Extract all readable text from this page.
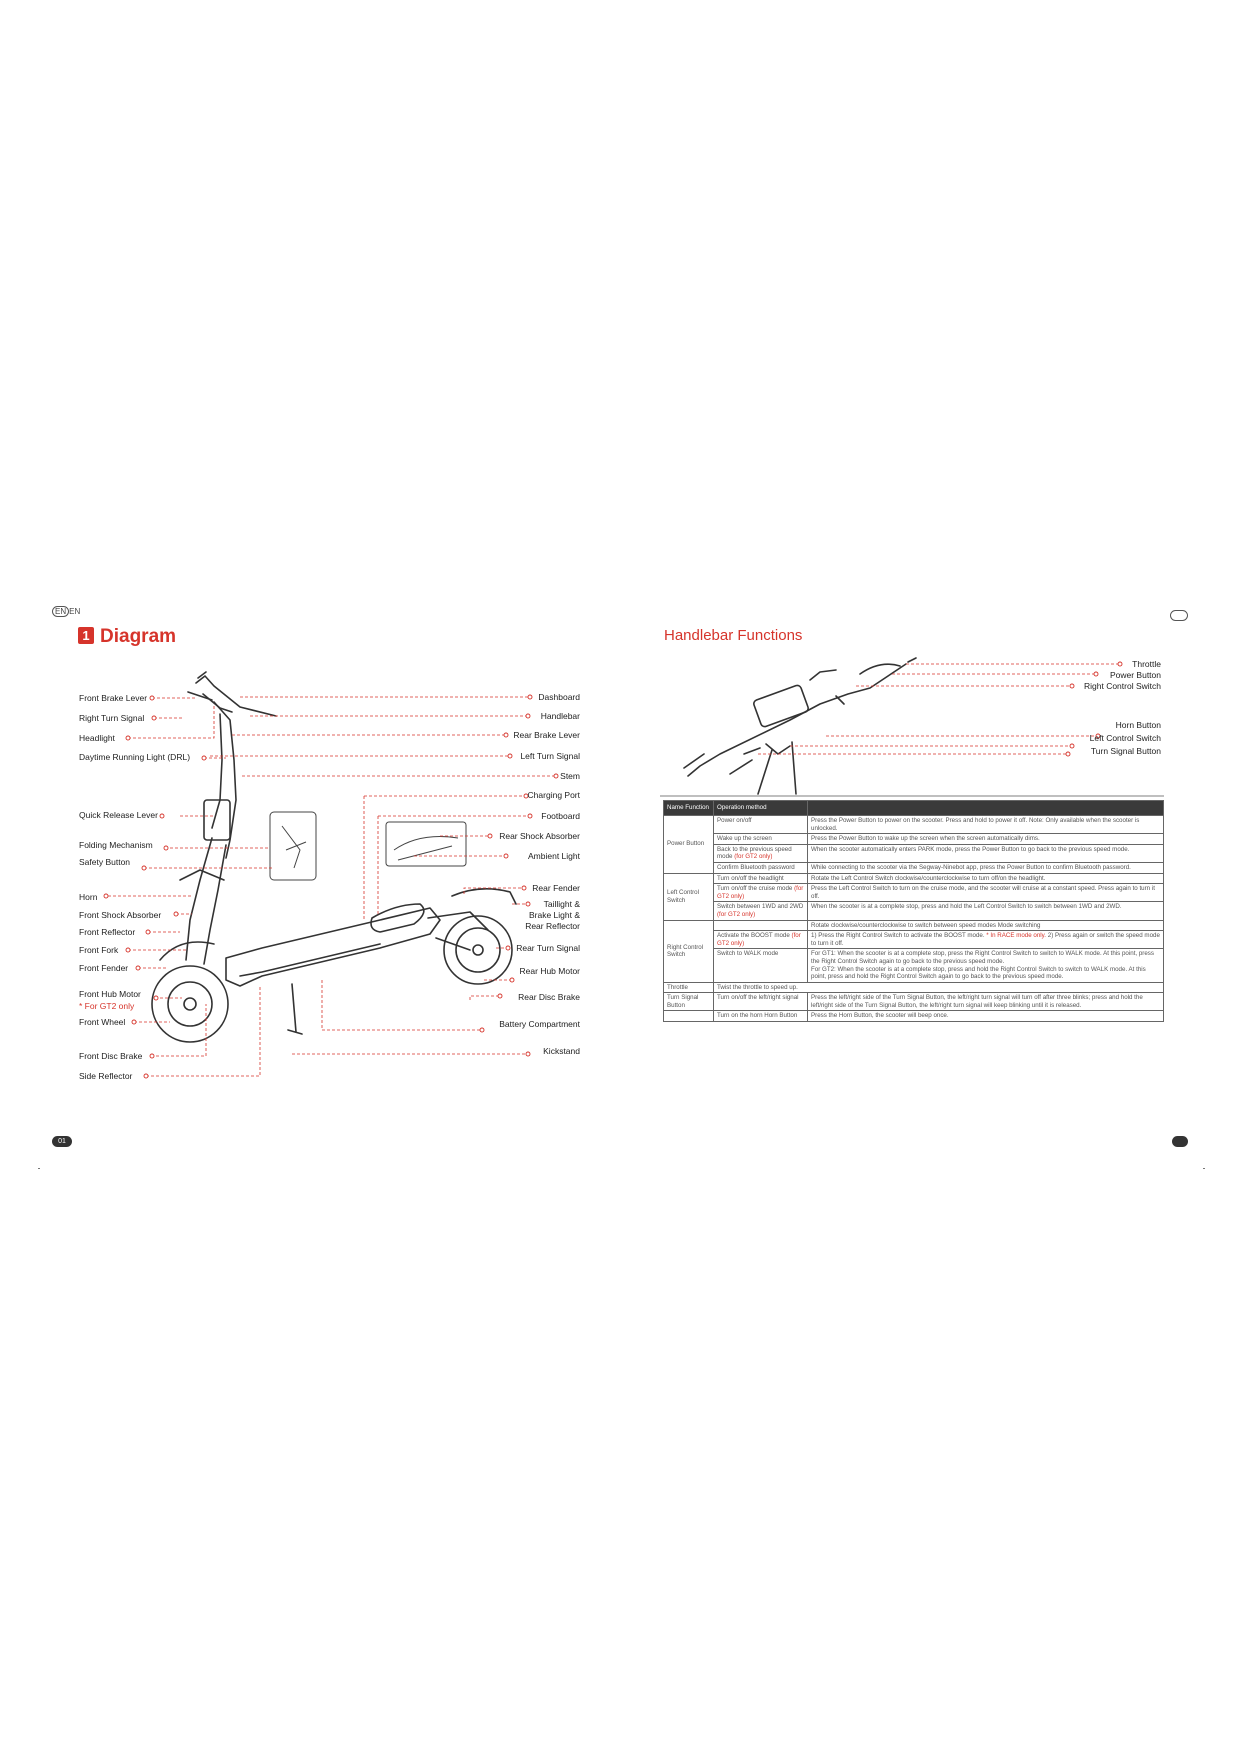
EN EN
1 Diagram	Handlebar Functions
Front Brake Lever
Right Turn Signal
Headlight
Daytime Running Light (DRL)
Quick Release Lever
Folding Mechanism
Safety Button
Horn
Front Shock Absorber
Front Reflector
Front Fork
Front Fender
Front Hub Motor
* For GT2 only
Front Wheel
Front Disc Brake
Side Reflector
Dashboard
Handlebar
Rear Brake Lever
Left Turn Signal
Stem
Charging Port
Footboard
Rear Shock Absorber
Ambient Light
Rear Fender
Taillight &
Brake Light &
Rear Reflector
Rear Turn Signal
Rear Hub Motor
Rear Disc Brake
Battery Compartment
Kickstand
Throttle
Power Button
Right Control Switch
Horn Button
Left Control Switch
Turn Signal Button
Name Function	Operation method	
Power Button	Power on/off	Press the Power Button to power on the scooter. Press and hold to power it off. Note: Only available when the scooter is unlocked.
	Wake up the screen	Press the Power Button to wake up the screen when the screen automatically dims.
	Back to the previous speed mode (for GT2 only)	When the scooter automatically enters PARK mode, press the Power Button to go back to the previous speed mode.
	Confirm Bluetooth password	While connecting to the scooter via the Segway-Ninebot app, press the Power Button to confirm Bluetooth password.
Left Control Switch	Turn on/off the headlight	Rotate the Left Control Switch clockwise/counterclockwise to turn off/on the headlight.
	Turn on/off the cruise mode (for GT2 only)	Press the Left Control Switch to turn on the cruise mode, and the scooter will cruise at a constant speed. Press again to turn it off.
	Switch between 1WD and 2WD (for GT2 only)	When the scooter is at a complete stop, press and hold the Left Control Switch to switch between 1WD and 2WD.
Right Control Switch		Rotate clockwise/counterclockwise to switch between speed modes Mode switching
	Activate the BOOST mode (for GT2 only)	1) Press the Right Control Switch to activate the BOOST mode. * In RACE mode only. 2) Press again or switch the speed mode to turn it off.
	Switch to WALK mode	For GT1: When the scooter is at a complete stop, press the Right Control Switch to switch to WALK mode. At this point, press the Right Control Switch again to go back to the previous speed mode.
For GT2: When the scooter is at a complete stop, press and hold the Right Control Switch to switch to WALK mode. At this point, press and hold the Right Control Switch again to go back to the previous speed mode.

Throttle	Twist the throttle to speed up.	
Turn Signal Button	Turn on/off the left/right signal	Press the left/right side of the Turn Signal Button, the left/right turn signal will turn off after three blinks; press and hold the left/right side of the Turn Signal Button, the left/right turn signal will keep blinking until it is released.
	Turn on the horn Horn Button	Press the Horn Button, the scooter will beep once.
01
